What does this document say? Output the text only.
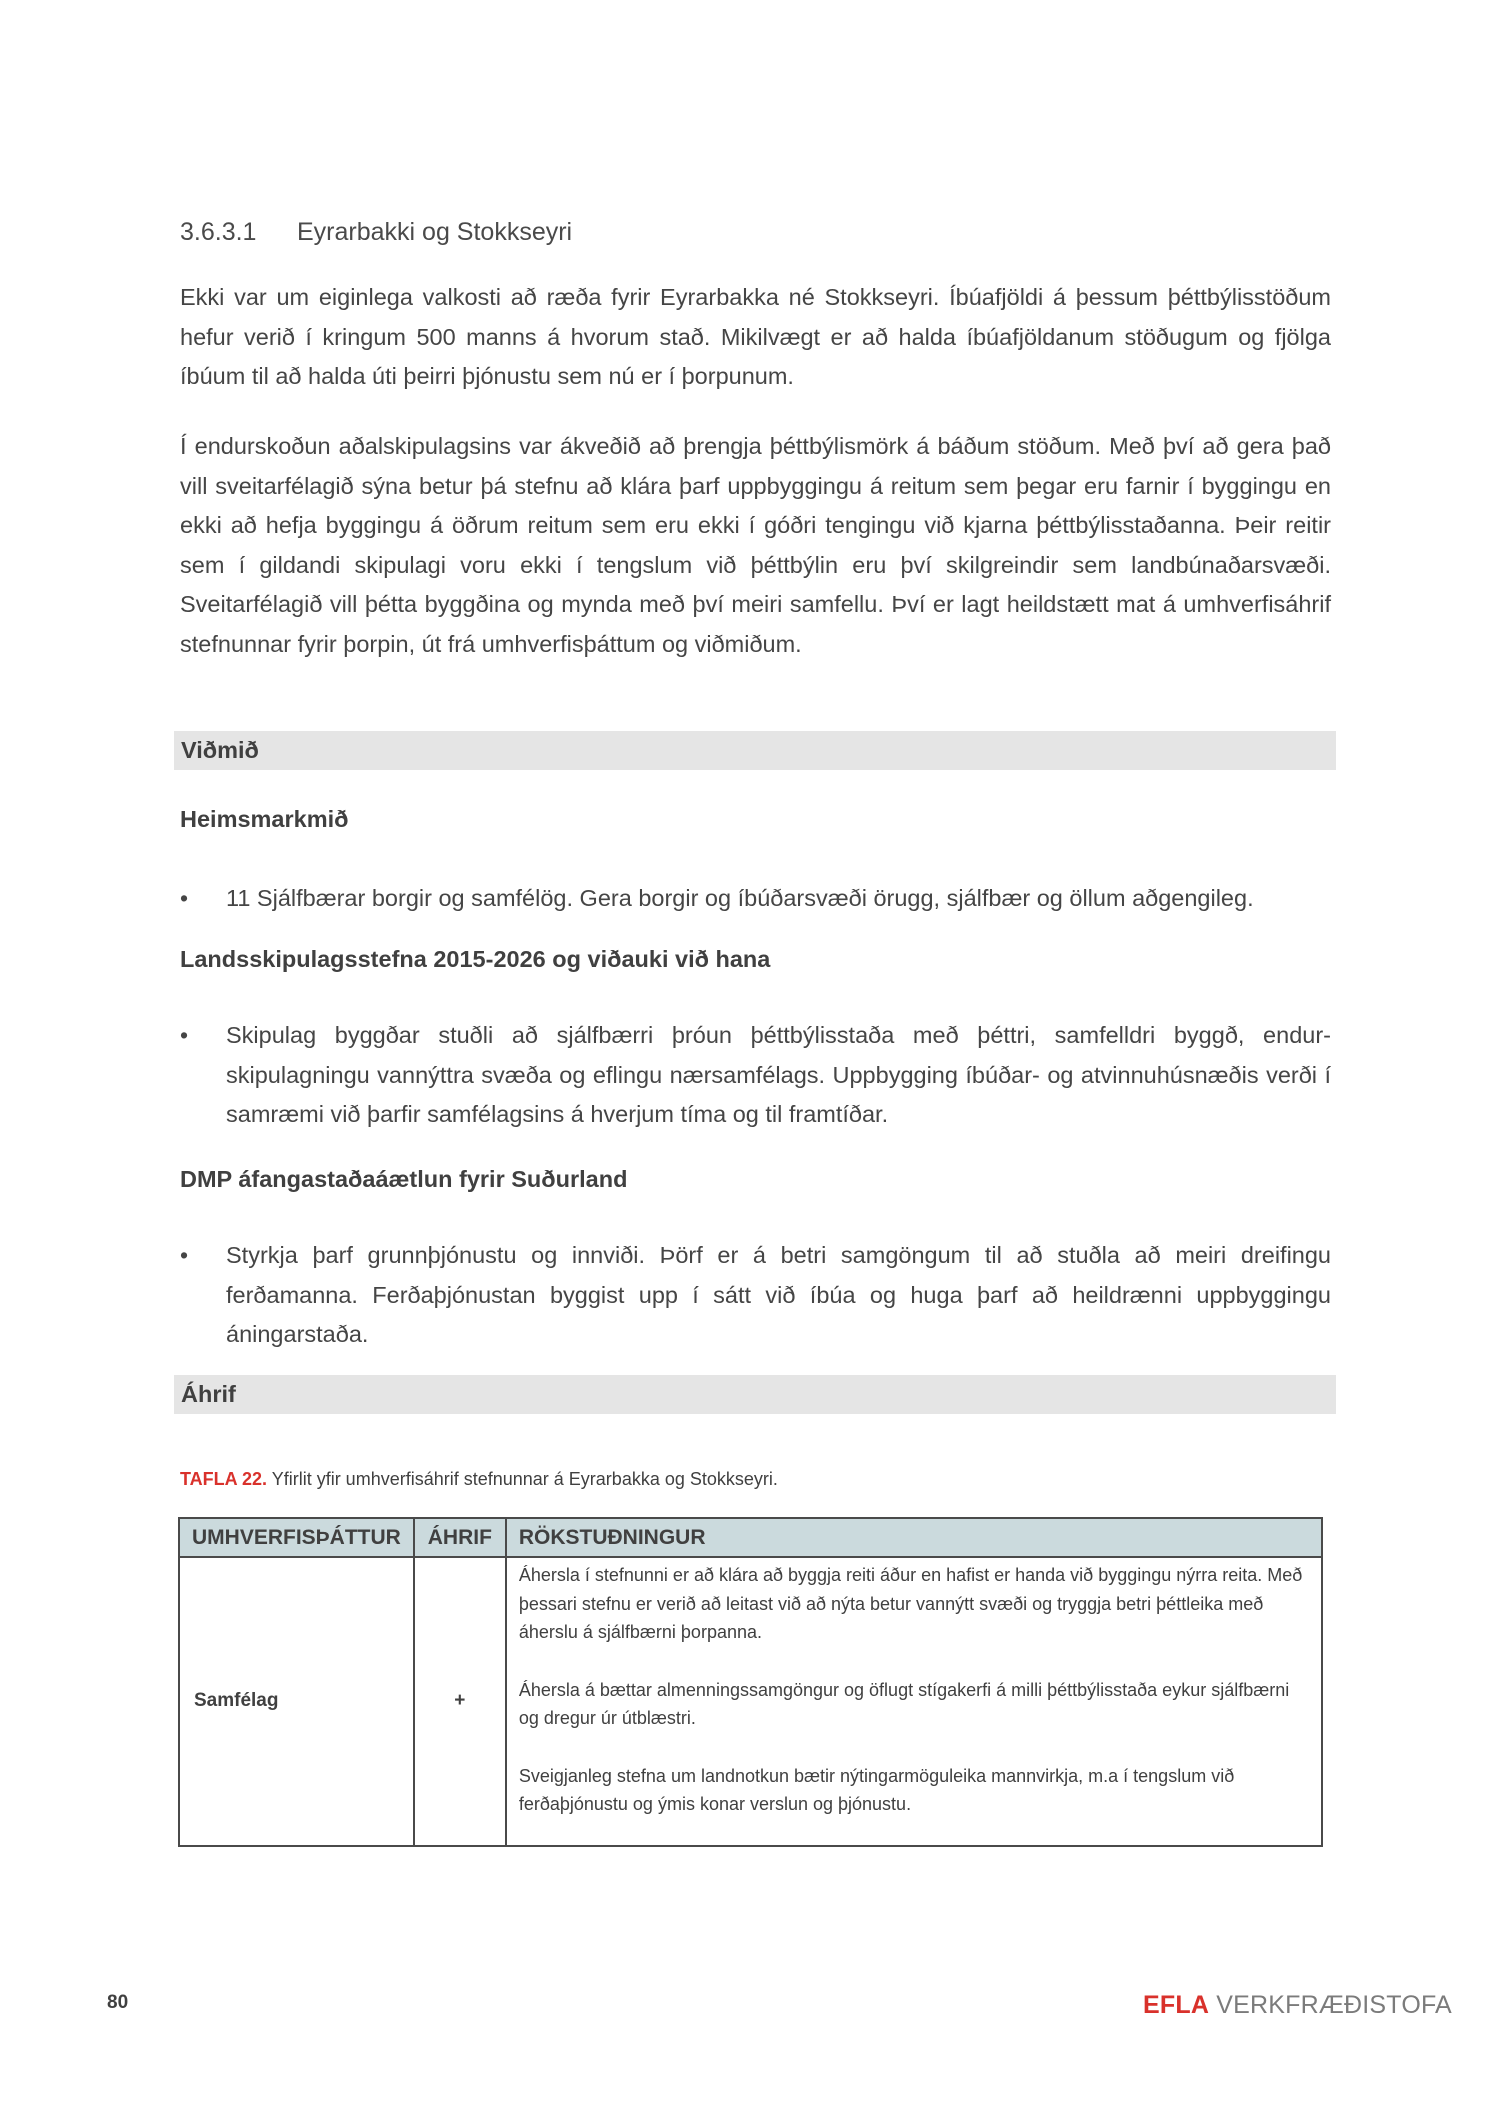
3.6.3.1 Eyrarbakki og Stokkseyri
Ekki var um eiginlega valkosti að ræða fyrir Eyrarbakka né Stokkseyri. Íbúafjöldi á þessum þéttbýlisstöðum hefur verið í kringum 500 manns á hvorum stað. Mikilvægt er að halda íbúafjöldanum stöðugum og fjölga íbúum til að halda úti þeirri þjónustu sem nú er í þorpunum.
Í endurskoðun aðalskipulagsins var ákveðið að þrengja þéttbýlismörk á báðum stöðum. Með því að gera það vill sveitarfélagið sýna betur þá stefnu að klára þarf uppbyggingu á reitum sem þegar eru farnir í byggingu en ekki að hefja byggingu á öðrum reitum sem eru ekki í góðri tengingu við kjarna þéttbýlisstaðanna. Þeir reitir sem í gildandi skipulagi voru ekki í tengslum við þéttbýlin eru því skilgreindir sem landbúnaðarsvæði. Sveitarfélagið vill þétta byggðina og mynda með því meiri samfellu. Því er lagt heildstætt mat á umhverfisáhrif stefnunnar fyrir þorpin, út frá umhverfisþáttum og viðmiðum.
Viðmið
Heimsmarkmið
•	11 Sjálfbærar borgir og samfélög. Gera borgir og íbúðarsvæði örugg, sjálfbær og öllum aðgengileg.
Landsskipulagsstefna 2015-2026 og viðauki við hana
•	Skipulag byggðar stuðli að sjálfbærri þróun þéttbýlisstaða með þéttri, samfelldri byggð, endurskipulagningu vannýttra svæða og eflingu nærsamfélags. Uppbygging íbúðar- og atvinnuhúsnæðis verði í samræmi við þarfir samfélagsins á hverjum tíma og til framtíðar.
DMP áfangastaðaáætlun fyrir Suðurland
•	Styrkja þarf grunnþjónustu og innviði. Þörf er á betri samgöngum til að stuðla að meiri dreifingu ferðamanna. Ferðaþjónustan byggist upp í sátt við íbúa og huga þarf að heildrænni uppbyggingu áningarstaða.
Áhrif
TAFLA 22. Yfirlit yfir umhverfisáhrif stefnunnar á Eyrarbakka og Stokkseyri.
UMHVERFISÞÁTTUR	ÁHRIF	RÖKSTUÐNINGUR
Samfélag	+	Áhersla í stefnunni er að klára að byggja reiti áður en hafist er handa við byggingu nýrra reita. Með þessari stefnu er verið að leitast við að nýta betur vannýtt svæði og tryggja betri þéttleika með áherslu á sjálfbærni þorpanna.

Áhersla á bættar almenningssamgöngur og öflugt stígakerfi á milli þéttbýlisstaða eykur sjálfbærni og dregur úr útblæstri.

Sveigjanleg stefna um landnotkun bætir nýtingarmöguleika mannvirkja, m.a í tengslum við ferðaþjónustu og ýmis konar verslun og þjónustu.

80	EFLA VERKFRÆÐISTOFA
